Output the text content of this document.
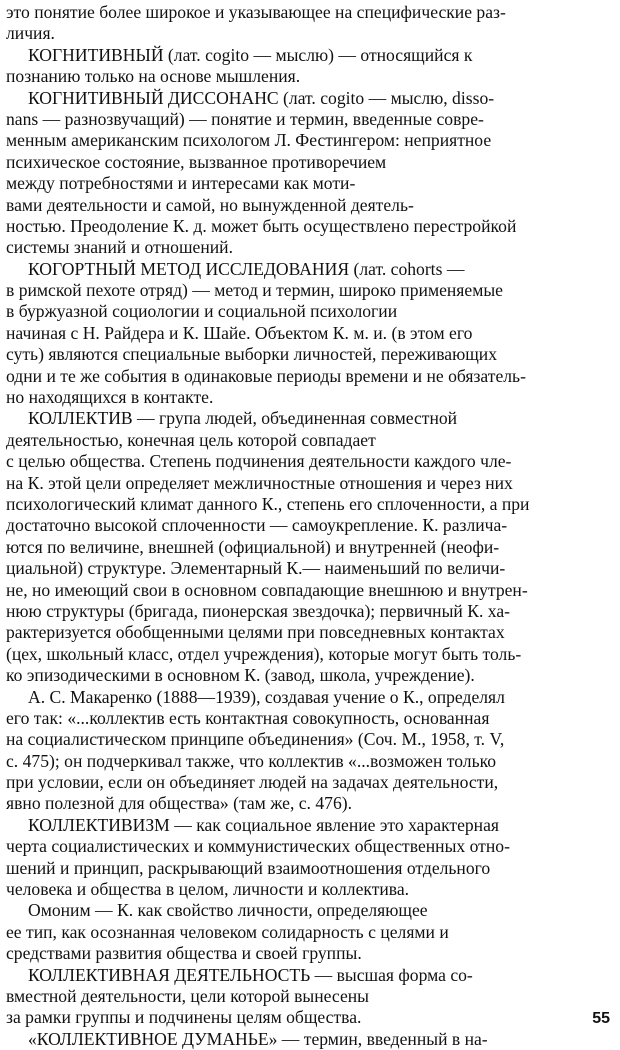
это понятие более широкое и указывающее на специфические раз-
личия.
КОГНИТИВНЫЙ (лат. cogito — мыслю) — относящийся к
познанию только на основе мышления.
КОГНИТИВНЫЙ ДИССОНАНС (лат. cogito — мыслю, disso-
nans — разнозвучащий) — понятие и термин, введенные совре-
менным американским психологом Л. Фестингером: неприятное
психическое состояние, вызванное противоречием
между потребностями и интересами как моти-
вами деятельности и самой, но вынужденной деятель-
ностью. Преодоление К. д. может быть осуществлено перестройкой
системы знаний и отношений.
КОГОРТНЫЙ МЕТОД ИССЛЕДОВАНИЯ (лат. cohorts —
в римской пехоте отряд) — метод и термин, широко применяемые
в буржуазной социологии и социальной психологии
начиная с Н. Райдера и К. Шайе. Объектом К. м. и. (в этом его
суть) являются специальные выборки личностей, переживающих
одни и те же события в одинаковые периоды времени и не обязатель-
но находящихся в контакте.
КОЛЛЕКТИВ — група людей, объединенная совместной
деятельностью, конечная цель которой совпадает
с целью общества. Степень подчинения деятельности каждого чле-
на К. этой цели определяет межличностные отношения и через них
психологический климат данного К., степень его сплоченности, а при
достаточно высокой сплоченности — самоукрепление. К. различа-
ются по величине, внешней (официальной) и внутренней (неофи-
циальной) структуре. Элементарный К.— наименьший по величи-
не, но имеющий свои в основном совпадающие внешнюю и внутрен-
нюю структуры (бригада, пионерская звездочка); первичный К. ха-
рактеризуется обобщенными целями при повседневных контактах
(цех, школьный класс, отдел учреждения), которые могут быть толь-
ко эпизодическими в основном К. (завод, школа, учреждение).
А. С. Макаренко (1888—1939), создавая учение о К., определял
его так: «...коллектив есть контактная совокупность, основанная
на социалистическом принципе объединения» (Соч. М., 1958, т. V,
с. 475); он подчеркивал также, что коллектив «...возможен только
при условии, если он объединяет людей на задачах деятельности,
явно полезной для общества» (там же, с. 476).
КОЛЛЕКТИВИЗМ — как социальное явление это характерная
черта социалистических и коммунистических общественных отно-
шений и принцип, раскрывающий взаимоотношения отдельного
человека и общества в целом, личности и коллектива.
Омоним — К. как свойство личности, определяющее
ее тип, как осознанная человеком солидарность с целями и
средствами развития общества и своей группы.
КОЛЛЕКТИВНАЯ ДЕЯТЕЛЬНОСТЬ — высшая форма со-
вместной деятельности, цели которой вынесены
за рамки группы и подчинены целям общества.
«КОЛЛЕКТИВНОЕ ДУМАНЬЕ» — термин, введенный в на-
55
